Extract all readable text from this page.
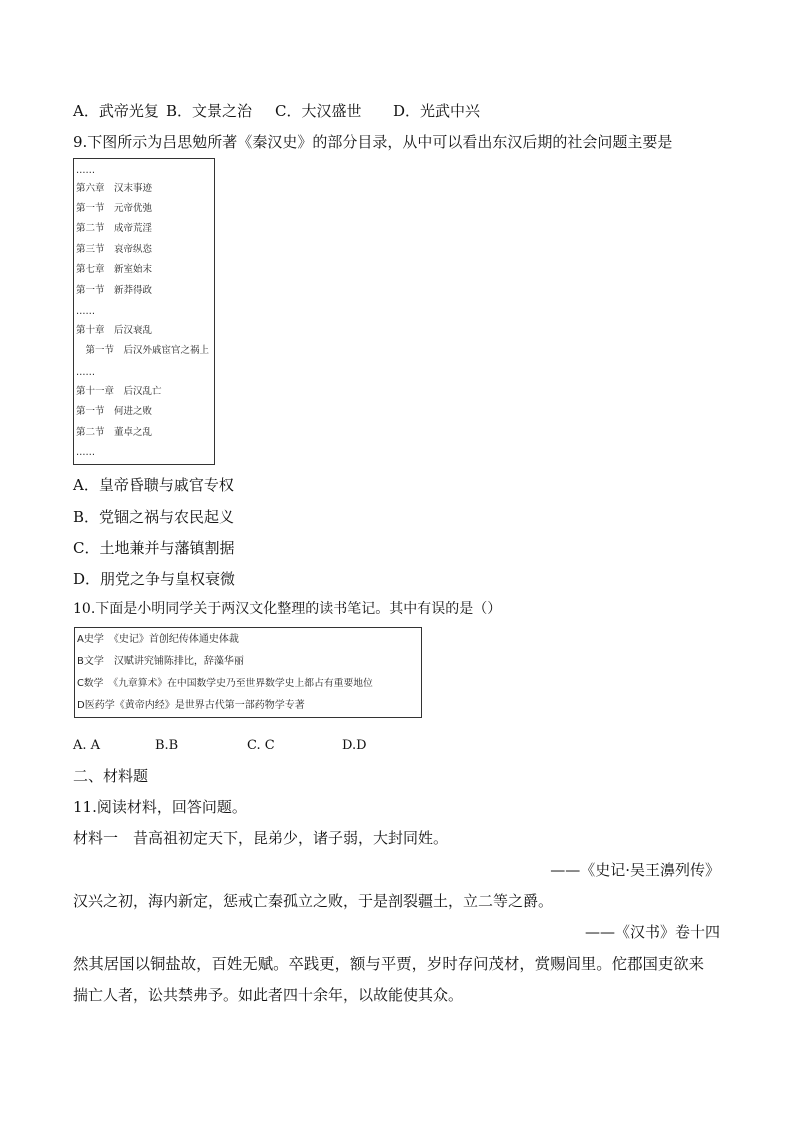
A．武帝光复 B．文景之治 C．大汉盛世 D．光武中兴
9.下图所示为吕思勉所著《秦汉史》的部分目录，从中可以看出东汉后期的社会问题主要是
……
第六章　汉末事迹
第一节　元帝优弛
第二节　成帝荒淫
第三节　哀帝纵恣
第七章　新室始末
第一节　新莽得政
……
第十章　后汉衰乱
　第一节　后汉外戚宦官之祸上
……
第十一章　后汉乱亡
第一节　何进之败
第二节　董卓之乱
……
A．皇帝昏聩与戚官专权
B．党锢之祸与农民起义
C．土地兼并与藩镇割据
D．朋党之争与皇权衰微
10.下面是小明同学关于两汉文化整理的读书笔记。其中有误的是（）
A史学　《史记》首创纪传体通史体裁
B文学　汉赋讲究铺陈排比，辞藻华丽
C数学　《九章算术》在中国数学史乃至世界数学史上都占有重要地位
D医药学《黄帝内经》是世界古代第一部药物学专著
A. A	B.B	C. C	D.D
二、材料题
11.阅读材料，回答问题。
材料一　昔高祖初定天下，昆弟少，诸子弱，大封同姓。
——《史记·吴王濞列传》
汉兴之初，海内新定，惩戒亡秦孤立之败，于是剖裂疆土，立二等之爵。
——《汉书》卷十四
然其居国以铜盐故，百姓无赋。卒践更，额与平贾，岁时存问茂材，赏赐闾里。佗郡国吏欲来
揣亡人者，讼共禁弗予。如此者四十余年，以故能使其众。
